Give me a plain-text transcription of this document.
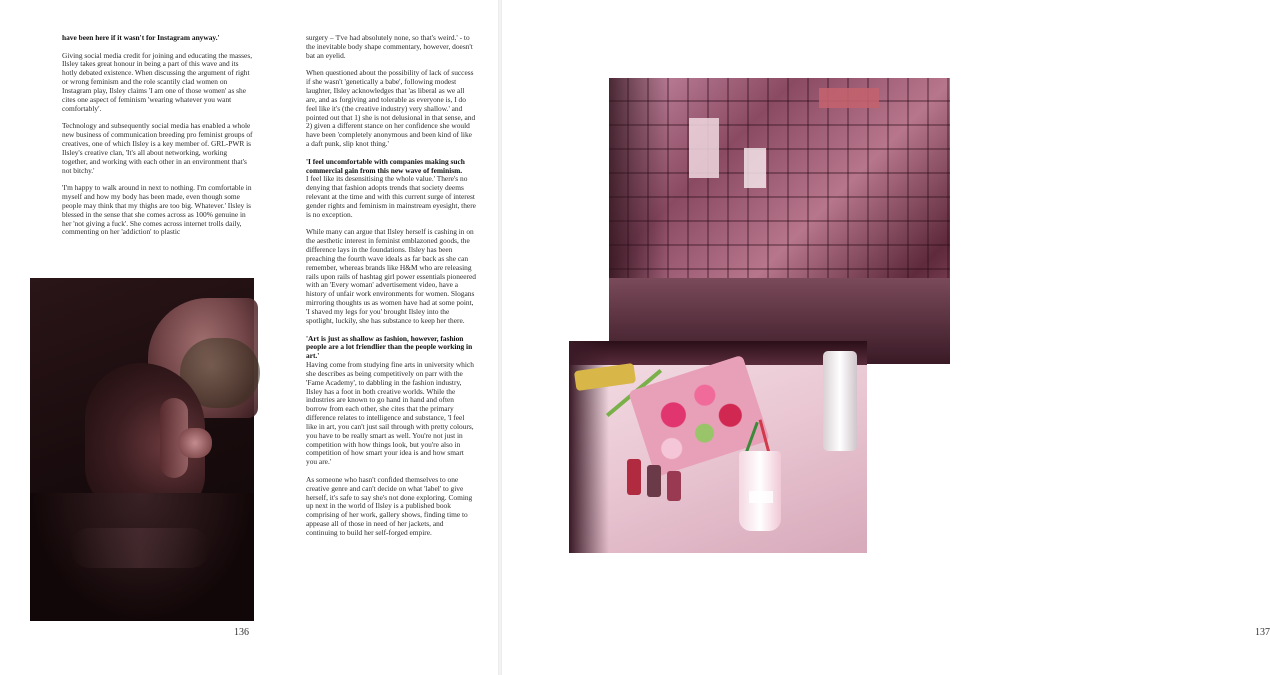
have been here if it wasn't for Instagram anyway.'

Giving social media credit for joining and educating the masses, Ilsley takes great honour in being a part of this wave and its hotly debated existence. When discussing the argument of right or wrong feminism and the role scantily clad women on Instagram play, Ilsley claims 'I am one of those women' as she cites one aspect of feminism 'wearing whatever you want comfortably'.

Technology and subsequently social media has enabled a whole new business of communication breeding pro feminist groups of creatives, one of which Ilsley is a key member of. GRL-PWR is Ilsley's creative clan, 'It's all about networking, working together, and working with each other in an environment that's not bitchy.'

'I'm happy to walk around in next to nothing. I'm comfortable in myself and how my body has been made, even though some people may think that my thighs are too big. Whatever.' Ilsley is blessed in the sense that she comes across as 100% genuine in her 'not giving a fuck'. She comes across internet trolls daily, commenting on her 'addiction' to plastic

surgery – 'I've had absolutely none, so that's weird.' - to the inevitable body shape commentary, however, doesn't bat an eyelid.

When questioned about the possibility of lack of success if she wasn't 'genetically a babe', following modest laughter, Ilsley acknowledges that 'as liberal as we all are, and as forgiving and tolerable as everyone is, I do feel like it's (the creative industry) very shallow.' and pointed out that 1) she is not delusional in that sense, and 2) given a different stance on her confidence she would have been 'completely anonymous and been kind of like a daft punk, slip knot thing.'

'I feel uncomfortable with companies making such commercial gain from this new wave of feminism.

I feel like its desensitising the whole value.' There's no denying that fashion adopts trends that society deems relevant at the time and with this current surge of interest gender rights and feminism in mainstream eyesight, there is no exception.

While many can argue that Ilsley herself is cashing in on the aesthetic interest in feminist emblazoned goods, the difference lays in the foundations. Ilsley has been preaching the fourth wave ideals as far back as she can remember, whereas brands like H&M who are releasing rails upon rails of hashtag girl power essentials pioneered with an 'Every woman' advertisement video, have a history of unfair work environments for women. Slogans mirroring thoughts us as women have had at some point, 'I shaved my legs for you' brought Ilsley into the spotlight, luckily, she has substance to keep her there.

'Art is just as shallow as fashion, however, fashion people are a lot friendlier than the people working in art.'

Having come from studying fine arts in university which she describes as being competitively on parr with the 'Fame Academy', to dabbling in the fashion industry, Ilsley has a foot in both creative worlds. While the industries are known to go hand in hand and often borrow from each other, she cites that the primary difference relates to intelligence and substance, 'I feel like in art, you can't just sail through with pretty colours, you have to be really smart as well. You're not just in competition with how things look, but you're also in competition of how smart your idea is and how smart you are.'

As someone who hasn't confided themselves to one creative genre and can't decide on what 'label' to give herself, it's safe to say she's not done exploring. Coming up next in the world of Ilsley is a published book comprising of her work, gallery shows, finding time to appease all of those in need of her jackets, and continuing to build her self-forged empire.

136	137
